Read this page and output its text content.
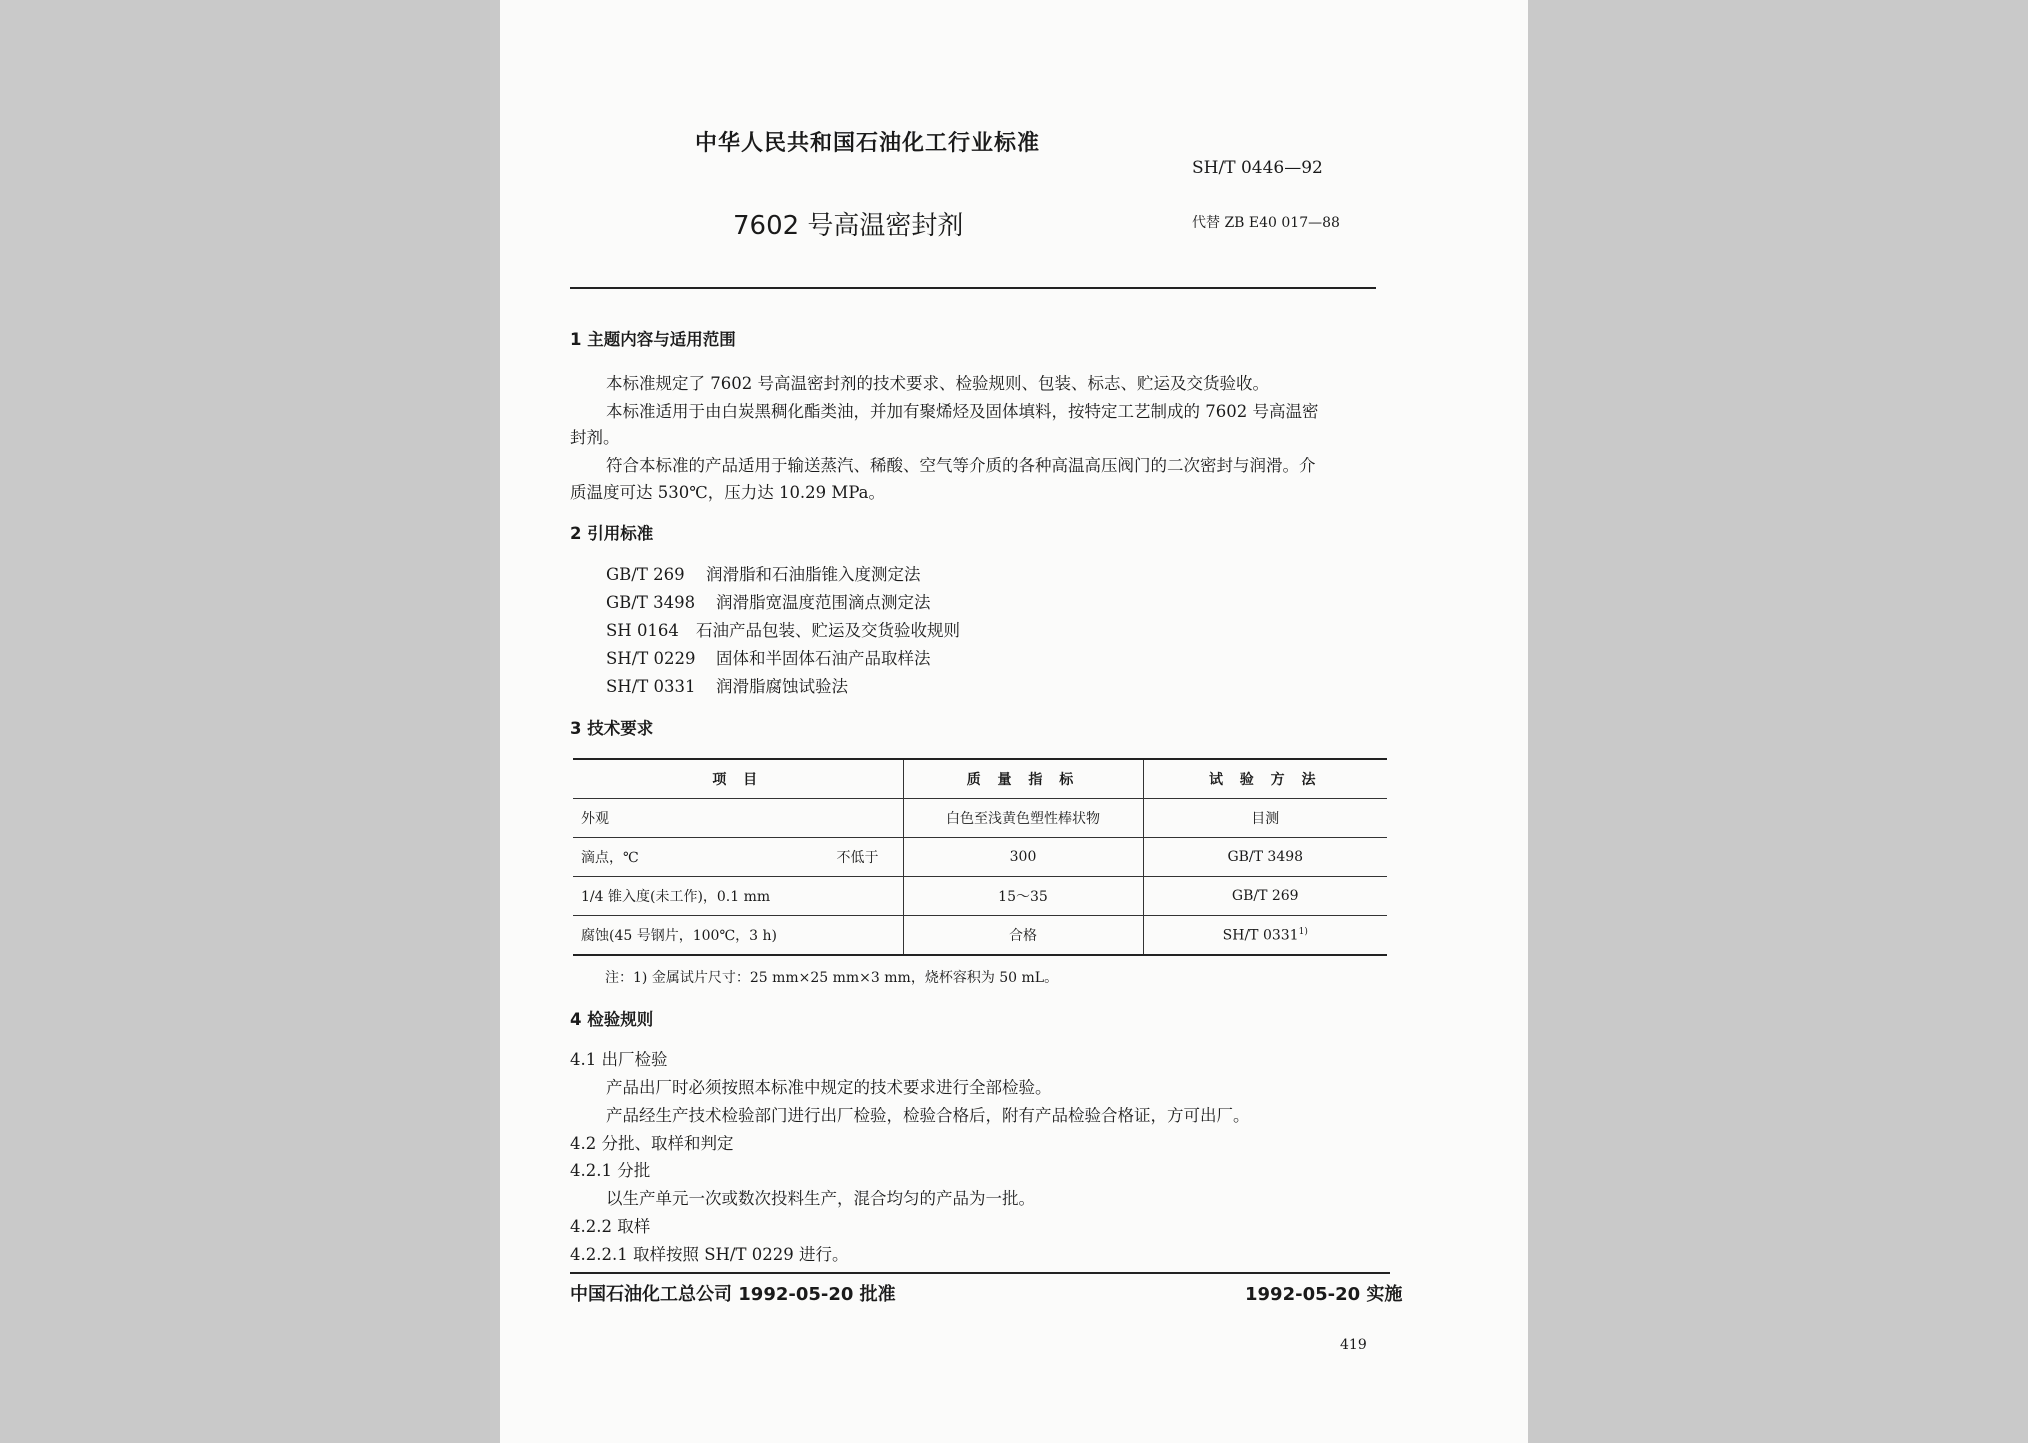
中华人民共和国石油化工行业标准
SH/T 0446—92
7602 号高温密封剂	代替 ZB E40 017—88
1 主题内容与适用范围
本标准规定了 7602 号高温密封剂的技术要求、检验规则、包装、标志、贮运及交货验收。
本标准适用于由白炭黑稠化酯类油，并加有聚烯烃及固体填料，按特定工艺制成的 7602 号高温密
封剂。
符合本标准的产品适用于输送蒸汽、稀酸、空气等介质的各种高温高压阀门的二次密封与润滑。介
质温度可达 530℃，压力达 10.29 MPa。
2 引用标准
GB/T 269 润滑脂和石油脂锥入度测定法
GB/T 3498 润滑脂宽温度范围滴点测定法
SH 0164 石油产品包装、贮运及交货验收规则
SH/T 0229 固体和半固体石油产品取样法
SH/T 0331 润滑脂腐蚀试验法
3 技术要求
项 目	质 量 指 标	试 验 方 法

外观	白色至浅黄色塑性棒状物	目测

滴点，℃ 不低于	300	GB/T 3498

1/4 锥入度(未工作)，0.1 mm	15～35	GB/T 269

腐蚀(45 号钢片，100℃，3 h)	合格	SH/T 0331$^{1)}$
注：1) 金属试片尺寸：25 mm×25 mm×3 mm，烧杯容积为 50 mL。
4 检验规则
4.1 出厂检验
产品出厂时必须按照本标准中规定的技术要求进行全部检验。
产品经生产技术检验部门进行出厂检验，检验合格后，附有产品检验合格证，方可出厂。
4.2 分批、取样和判定
4.2.1 分批
以生产单元一次或数次投料生产，混合均匀的产品为一批。
4.2.2 取样
4.2.2.1 取样按照 SH/T 0229 进行。
中国石油化工总公司 1992-05-20 批准	1992-05-20 实施
419
